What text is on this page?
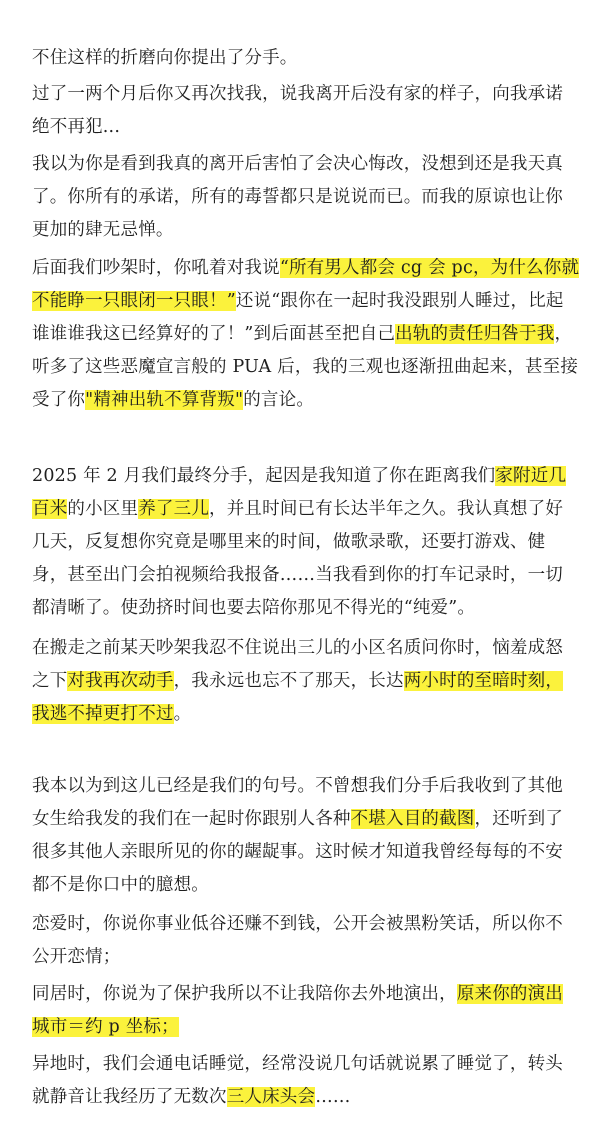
不住这样的折磨向你提出了分手。

过了一两个月后你又再次找我，说我离开后没有家的样子，向我承诺绝不再犯...

我以为你是看到我真的离开后害怕了会决心悔改，没想到还是我天真了。你所有的承诺，所有的毒誓都只是说说而已。而我的原谅也让你更加的肆无忌惮。

后面我们吵架时，你吼着对我说“所有男人都会 cg 会 pc，为什么你就不能睁一只眼闭一只眼！”还说“跟你在一起时我没跟别人睡过，比起谁谁谁我这已经算好的了！”到后面甚至把自己出轨的责任归咎于我，听多了这些恶魔宣言般的 PUA 后，我的三观也逐渐扭曲起来，甚至接受了你"精神出轨不算背叛"的言论。

2025 年 2 月我们最终分手，起因是我知道了你在距离我们家附近几百米的小区里养了三儿，并且时间已有长达半年之久。我认真想了好几天，反复想你究竟是哪里来的时间，做歌录歌，还要打游戏、健身，甚至出门会拍视频给我报备……当我看到你的打车记录时，一切都清晰了。使劲挤时间也要去陪你那见不得光的“纯爱”。

在搬走之前某天吵架我忍不住说出三儿的小区名质问你时，恼羞成怒之下对我再次动手，我永远也忘不了那天，长达两小时的至暗时刻，我逃不掉更打不过。

我本以为到这儿已经是我们的句号。不曾想我们分手后我收到了其他女生给我发的我们在一起时你跟别人各种不堪入目的截图，还听到了很多其他人亲眼所见的你的龌龊事。这时候才知道我曾经每每的不安都不是你口中的臆想。

恋爱时，你说你事业低谷还赚不到钱，公开会被黑粉笑话，所以你不公开恋情；

同居时，你说为了保护我所以不让我陪你去外地演出，原来你的演出城市＝约 p 坐标；

异地时，我们会通电话睡觉，经常没说几句话就说累了睡觉了，转头就静音让我经历了无数次三人床头会……
